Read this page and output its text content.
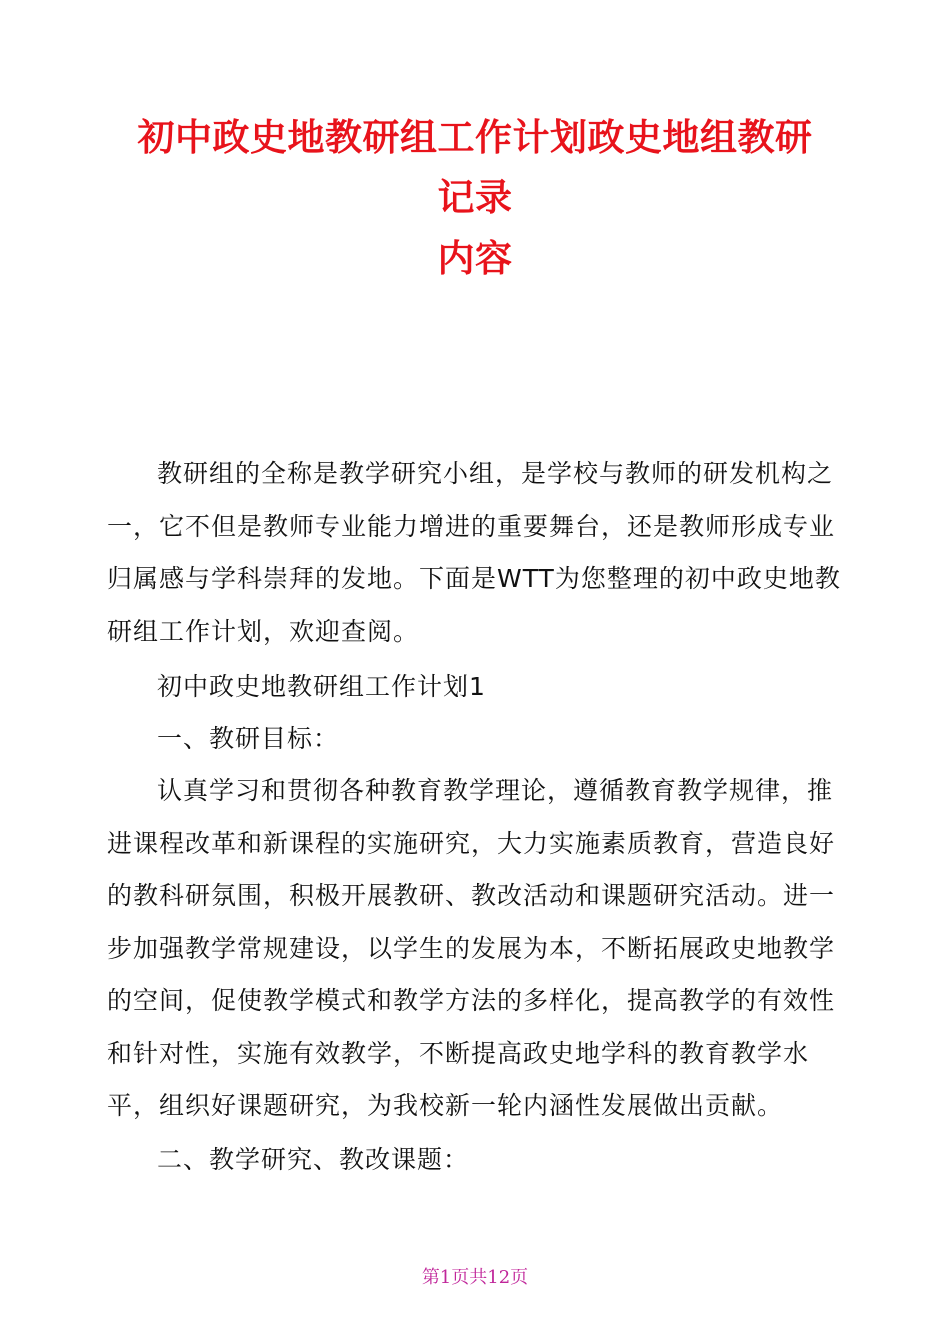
初中政史地教研组工作计划政史地组教研
记录
内容
教研组的全称是教学研究小组，是学校与教师的研发机构之一，它不但是教师专业能力增进的重要舞台，还是教师形成专业归属感与学科崇拜的发地。下面是WTT为您整理的初中政史地教研组工作计划，欢迎查阅。
初中政史地教研组工作计划1
一、教研目标：
认真学习和贯彻各种教育教学理论，遵循教育教学规律，推进课程改革和新课程的实施研究，大力实施素质教育，营造良好的教科研氛围，积极开展教研、教改活动和课题研究活动。进一步加强教学常规建设，以学生的发展为本，不断拓展政史地教学的空间，促使教学模式和教学方法的多样化，提高教学的有效性和针对性，实施有效教学，不断提高政史地学科的教育教学水平，组织好课题研究，为我校新一轮内涵性发展做出贡献。
二、教学研究、教改课题：
第1页共12页
